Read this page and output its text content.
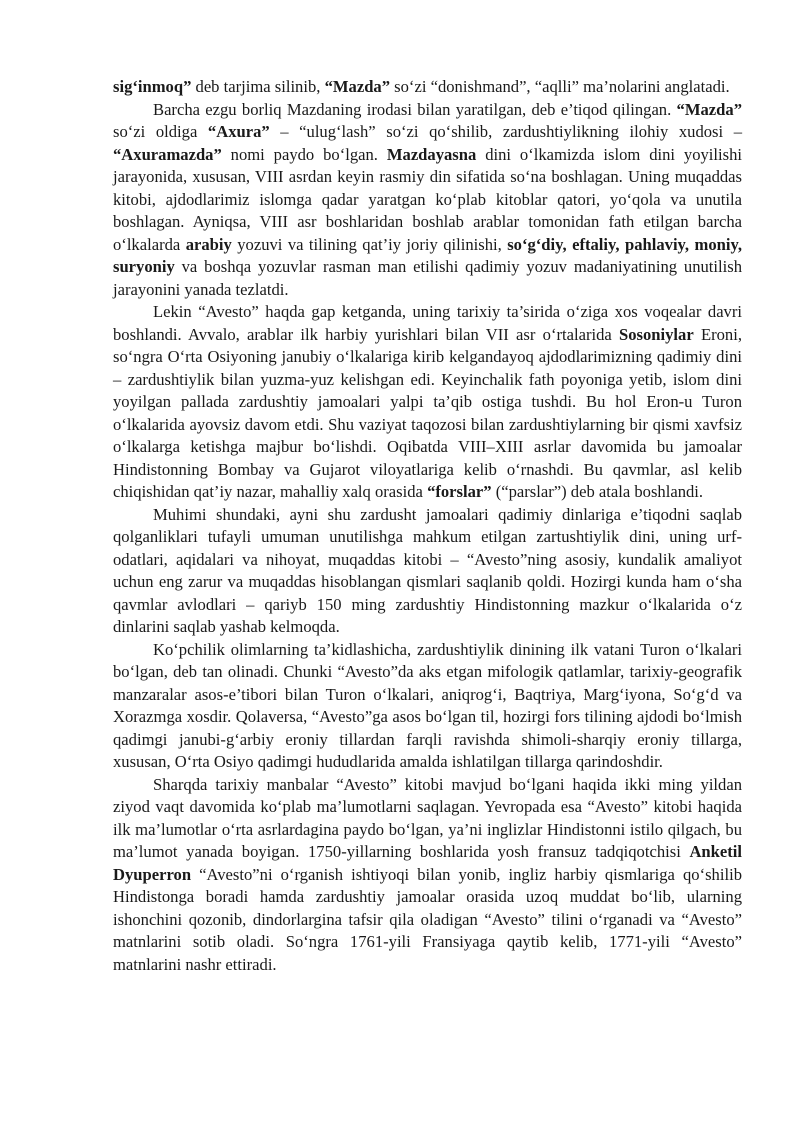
sig‘inmoq” deb tarjima silinib, “Mazda” so‘zi “donishmand”, “aqlli” ma’nolarini anglatadi.

Barcha ezgu borliq Mazdaning irodasi bilan yaratilgan, deb e’tiqod qilingan. “Mazda” so‘zi oldiga “Axura” – “ulug‘lash” so‘zi qo‘shilib, zardushtiylikning ilohiy xudosi – “Axuramazda” nomi paydo bo‘lgan. Mazdayasna dini o‘lkamizda islom dini yoyilishi jarayonida, xususan, VIII asrdan keyin rasmiy din sifatida so‘na boshlagan. Uning muqaddas kitobi, ajdodlarimiz islomga qadar yaratgan ko‘plab kitoblar qatori, yo‘qola va unutila boshlagan. Ayniqsa, VIII asr boshlaridan boshlab arablar tomonidan fath etilgan barcha o‘lkalarda arabiy yozuvi va tilining qat’iy joriy qilinishi, so‘g‘diy, eftaliy, pahlaviy, moniy, suryoniy va boshqa yozuvlar rasman man etilishi qadimiy yozuv madaniyatining unutilish jarayonini yanada tezlatdi.

Lekin “Avesto” haqda gap ketganda, uning tarixiy ta’sirida o‘ziga xos voqealar davri boshlandi. Avvalo, arablar ilk harbiy yurishlari bilan VII asr o‘rtalarida Sosoniylar Eroni, so‘ngra O‘rta Osiyoning janubiy o‘lkalariga kirib kelgandayoq ajdodlarimizning qadimiy dini – zardushtiylik bilan yuzma-yuz kelishgan edi. Keyinchalik fath poyoniga yetib, islom dini yoyilgan pallada zardushtiy jamoalari yalpi ta’qib ostiga tushdi. Bu hol Eron-u Turon o‘lkalarida ayovsiz davom etdi. Shu vaziyat taqozosi bilan zardushtiylarning bir qismi xavfsiz o‘lkalarga ketishga majbur bo‘lishdi. Oqibatda VIII–XIII asrlar davomida bu jamoalar Hindistonning Bombay va Gujarot viloyatlariga kelib o‘rnashdi. Bu qavmlar, asl kelib chiqishidan qat’iy nazar, mahalliy xalq orasida “forslar” (“parslar”) deb atala boshlandi.

Muhimi shundaki, ayni shu zardusht jamoalari qadimiy dinlariga e’tiqodni saqlab qolganliklari tufayli umuman unutilishga mahkum etilgan zartushtiylik dini, uning urf-odatlari, aqidalari va nihoyat, muqaddas kitobi – “Avesto”ning asosiy, kundalik amaliyot uchun eng zarur va muqaddas hisoblangan qismlari saqlanib qoldi. Hozirgi kunda ham o‘sha qavmlar avlodlari – qariyb 150 ming zardushtiy Hindistonning mazkur o‘lkalarida o‘z dinlarini saqlab yashab kelmoqda.

Ko‘pchilik olimlarning ta’kidlashicha, zardushtiylik dinining ilk vatani Turon o‘lkalari bo‘lgan, deb tan olinadi. Chunki “Avesto”da aks etgan mifologik qatlamlar, tarixiy-geografik manzaralar asos-e’tibori bilan Turon o‘lkalari, aniqrog‘i, Baqtriya, Marg‘iyona, So‘g‘d va Xorazmga xosdir. Qolaversa, “Avesto”ga asos bo‘lgan til, hozirgi fors tilining ajdodi bo‘lmish qadimgi janubi-g‘arbiy eroniy tillardan farqli ravishda shimoli-sharqiy eroniy tillarga, xususan, O‘rta Osiyo qadimgi hududlarida amalda ishlatilgan tillarga qarindoshdir.

Sharqda tarixiy manbalar “Avesto” kitobi mavjud bo‘lgani haqida ikki ming yildan ziyod vaqt davomida ko‘plab ma’lumotlarni saqlagan. Yevropada esa “Avesto” kitobi haqida ilk ma’lumotlar o‘rta asrlardagina paydo bo‘lgan, ya’ni inglizlar Hindistonni istilo qilgach, bu ma’lumot yanada boyigan. 1750-yillarning boshlarida yosh fransuz tadqiqotchisi Anketil Dyuperron “Avesto”ni o‘rganish ishtiyoqi bilan yonib, ingliz harbiy qismlariga qo‘shilib Hindistonga boradi hamda zardushtiy jamoalar orasida uzoq muddat bo‘lib, ularning ishonchini qozonib, dindorlargina tafsir qila oladigan “Avesto” tilini o‘rganadi va “Avesto” matnlarini sotib oladi. So‘ngra 1761-yili Fransiyaga qaytib kelib, 1771-yili “Avesto” matnlarini nashr ettiradi.
